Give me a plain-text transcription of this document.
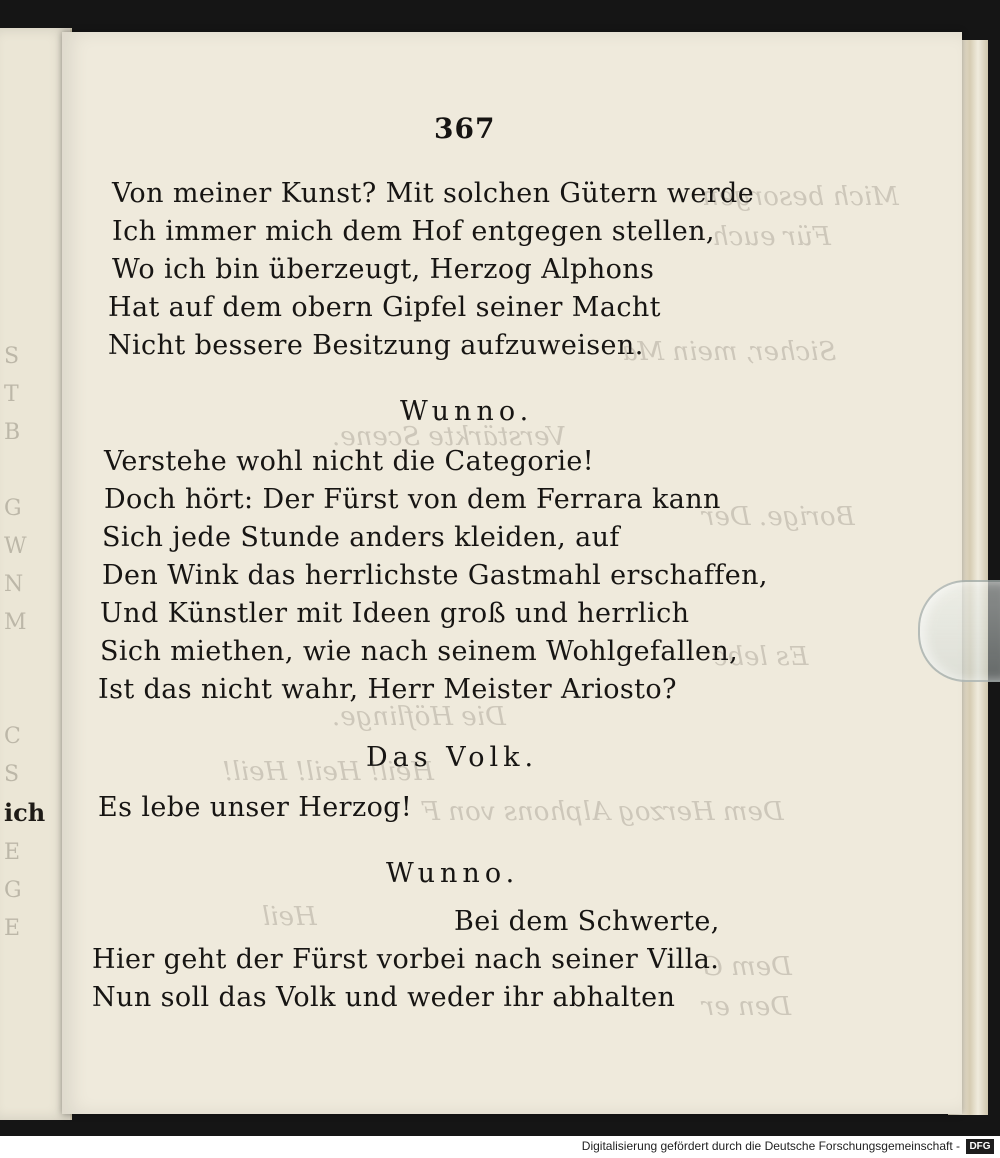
S
T
B

G
W
N
M

C
S
ich
E
G
E
Mich besorgen
Für euch
Sicher, mein Ma
Verstärkte Scene.
Borige. Der
Es lebe
Die Höflinge.
Heil! Heil! Heil!
Dem Herzog Alphons von F
Heil
Dem G
Den er
367
Von meiner Kunst? Mit solchen Gütern werde
Ich immer mich dem Hof entgegen stellen,
Wo ich bin überzeugt, Herzog Alphons
Hat auf dem obern Gipfel seiner Macht
Nicht bessere Besitzung aufzuweisen.
Wunno.
Verstehe wohl nicht die Categorie!
Doch hört: Der Fürst von dem Ferrara kann
Sich jede Stunde anders kleiden, auf
Den Wink das herrlichste Gastmahl erschaffen,
Und Künstler mit Ideen groß und herrlich
Sich miethen, wie nach seinem Wohlgefallen,
Ist das nicht wahr, Herr Meister Ariosto?
Das Volk.
Es lebe unser Herzog!
Wunno.
Bei dem Schwerte,
Hier geht der Fürst vorbei nach seiner Villa.
Nun soll das Volk und weder ihr abhalten
Digitalisierung gefördert durch die Deutsche Forschungsgemeinschaft - DFG
